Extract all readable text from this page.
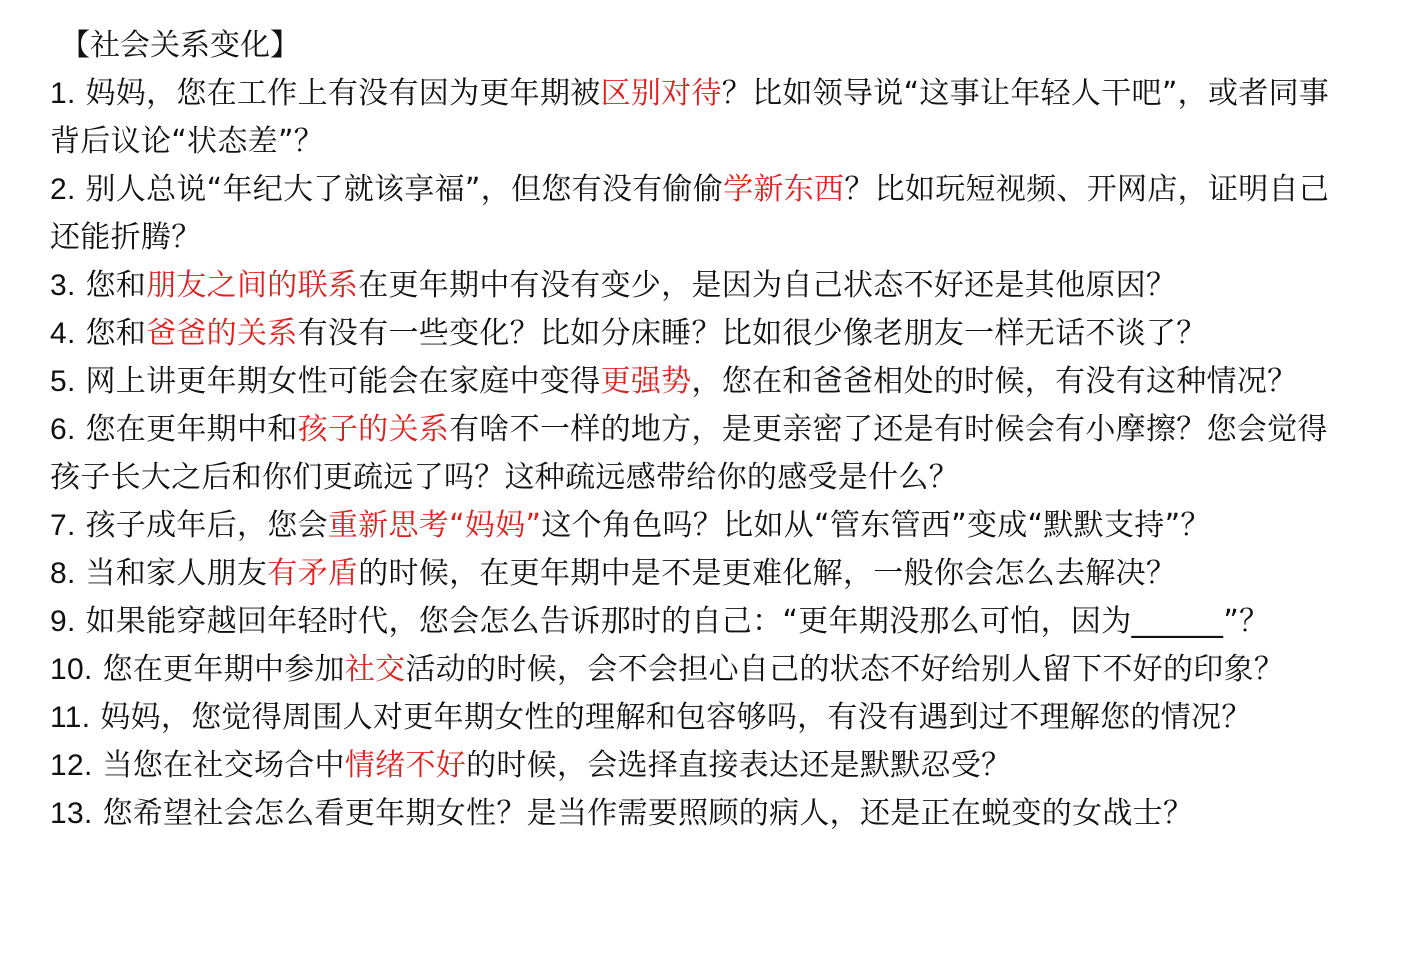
【社会关系变化】
1. 妈妈，您在工作上有没有因为更年期被区别对待？比如领导说“这事让年轻人干吧”，或者同事背后议论“状态差”？
2. 别人总说“年纪大了就该享福”，但您有没有偷偷学新东西？比如玩短视频、开网店，证明自己还能折腾？
3. 您和朋友之间的联系在更年期中有没有变少，是因为自己状态不好还是其他原因？
4. 您和爸爸的关系有没有一些变化？比如分床睡？比如很少像老朋友一样无话不谈了？
5. 网上讲更年期女性可能会在家庭中变得更强势，您在和爸爸相处的时候，有没有这种情况？
6. 您在更年期中和孩子的关系有啥不一样的地方，是更亲密了还是有时候会有小摩擦？您会觉得孩子长大之后和你们更疏远了吗？这种疏远感带给你的感受是什么？
7. 孩子成年后，您会重新思考“妈妈”这个角色吗？比如从“管东管西”变成“默默支持”？
8. 当和家人朋友有矛盾的时候，在更年期中是不是更难化解，一般你会怎么去解决？
9. 如果能穿越回年轻时代，您会怎么告诉那时的自己：“更年期没那么可怕，因为______”？
10. 您在更年期中参加社交活动的时候，会不会担心自己的状态不好给别人留下不好的印象？
11. 妈妈，您觉得周围人对更年期女性的理解和包容够吗，有没有遇到过不理解您的情况？
12. 当您在社交场合中情绪不好的时候，会选择直接表达还是默默忍受？
13. 您希望社会怎么看更年期女性？是当作需要照顾的病人，还是正在蜕变的女战士？
